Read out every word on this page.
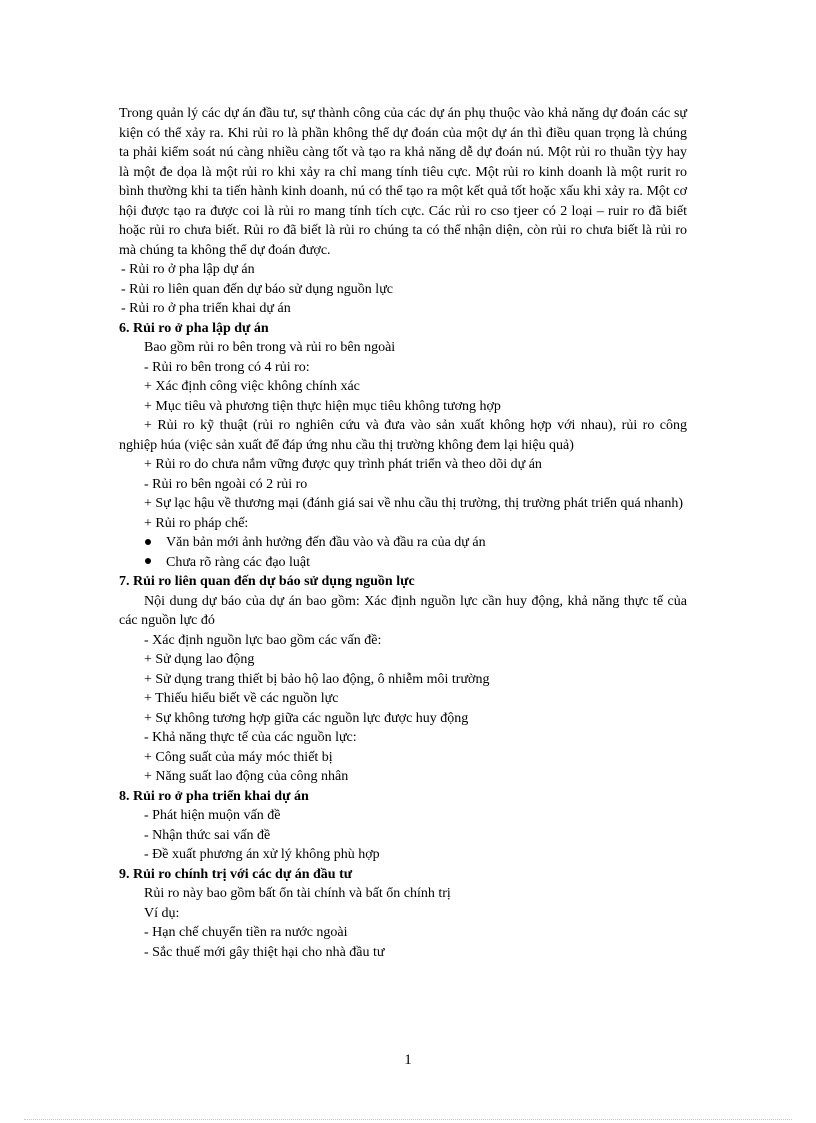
Trong quản lý các dự án đầu tư, sự thành công của các dự án phụ thuộc vào khả năng dự đoán các sự kiện có thể xảy ra. Khi rủi ro là phần không thể dự đoán của một dự án thì điều quan trọng là chúng ta phải kiểm soát nú càng nhiều càng tốt và tạo ra khả năng dễ dự đoán nú. Một rủi ro thuần tỳy hay là một đe dọa là một rủi ro khi xảy ra chỉ mang tính tiêu cực. Một rủi ro kinh doanh là một rurit ro bình thường khi ta tiến hành kinh doanh, nú có thể tạo ra một kết quả tốt hoặc xấu khi xảy ra. Một cơ hội được tạo ra được coi là rủi ro mang tính tích cực. Các rủi ro cso tjeer có 2 loại – ruir ro đã biết hoặc rủi ro chưa biết. Rủi ro đã biết là rủi ro chúng ta có thể nhận diện, còn rủi ro chưa biết là rủi ro mà chúng ta không thể dự đoán được.

- Rủi ro ở pha lập dự án

- Rủi ro liên quan đến dự báo sử dụng nguồn lực

- Rủi ro ở pha triển khai dự án

6. Rủi ro ở pha lập dự án

Bao gồm rủi ro bên trong và rủi ro bên ngoài

- Rủi ro bên trong có 4 rủi ro:

+ Xác định công việc không chính xác

+ Mục tiêu và phương tiện thực hiện mục tiêu không tương hợp

+ Rủi ro kỹ thuật (rủi ro nghiên cứu và đưa vào sản xuất không hợp với nhau), rủi ro công nghiệp húa (việc sản xuất để đáp ứng nhu cầu thị trường không đem lại hiệu quả)

+ Rủi ro do chưa nắm vững được quy trình phát triển và theo dõi dự án

- Rủi ro bên ngoài có 2 rủi ro

+ Sự lạc hậu về thương mại (đánh giá sai về nhu cầu thị trường, thị trường phát triển quá nhanh)

+ Rủi ro pháp chế:

Văn bản mới ảnh hưởng đến đầu vào và đầu ra của dự án

Chưa rõ ràng các đạo luật

7. Rủi ro liên quan đến dự báo sử dụng nguồn lực

Nội dung dự báo của dự án bao gồm: Xác định nguồn lực cần huy động, khả năng thực tế của các nguồn lực đó

- Xác định nguồn lực bao gồm các vấn đề:

+ Sử dụng lao động

+ Sử dụng trang thiết bị bảo hộ lao động, ô nhiễm môi trường

+ Thiếu hiểu biết về các nguồn lực

+ Sự không tương hợp giữa các nguồn lực được huy động

- Khả năng thực tế của các nguồn lực:

+ Công suất của máy móc thiết bị

+ Năng suất lao động của công nhân

8. Rủi ro ở pha triển khai dự án

- Phát hiện muộn vấn đề

- Nhận thức sai vấn đề

- Đề xuất phương án xử lý không phù hợp

9. Rủi ro chính trị với các dự án đầu tư

Rủi ro này bao gồm bất ổn tài chính và bất ổn chính trị

Ví dụ:

- Hạn chế chuyển tiền ra nước ngoài

- Sắc thuế mới gây thiệt hại cho nhà đầu tư

1
